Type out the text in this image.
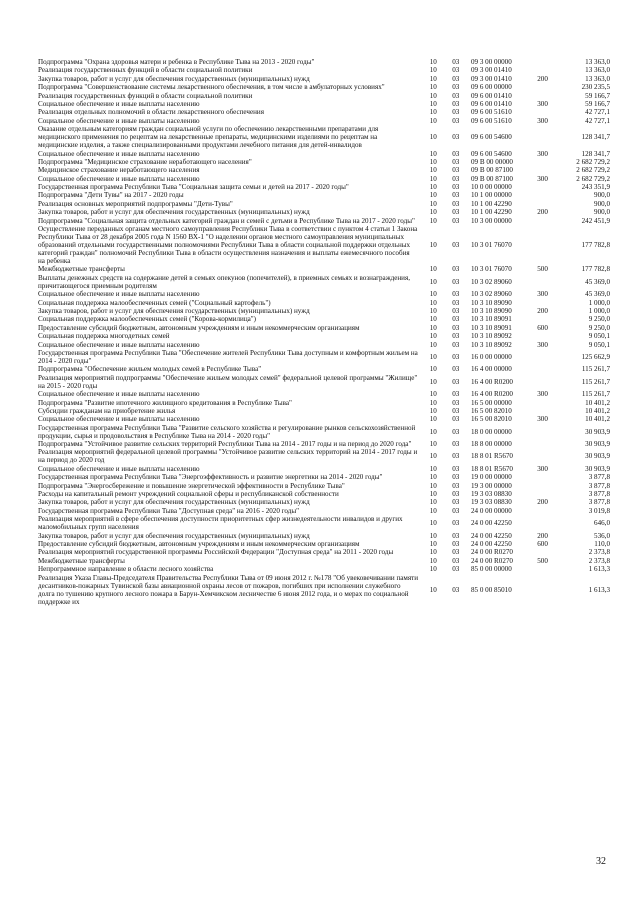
Подпрограмма "Охрана здоровья матери и ребенка в Республике Тыва на 2013 - 2020 годы"	10	03	09 3 00 00000		13 363,0
Реализация государственных функций в области социальной политики	10	03	09 3 00 01410		13 363,0
Закупка товаров, работ и услуг для обеспечения государственных (муниципальных) нужд	10	03	09 3 00 01410	200	13 363,0
Подпрограмма "Совершенствование системы лекарственного обеспечения, в том числе в амбулаторных условиях"	10	03	09 6 00 00000		230 235,5
Реализация государственных функций в области социальной политики	10	03	09 6 00 01410		59 166,7
Социальное обеспечение и иные выплаты населению	10	03	09 6 00 01410	300	59 166,7
Реализация отдельных полномочий в области лекарственного обеспечения	10	03	09 6 00 51610		42 727,1
Социальное обеспечение и иные выплаты населению	10	03	09 6 00 51610	300	42 727,1
Оказание отдельным категориям граждан социальной услуги по обеспечению лекарственными препаратами для медицинского применения по рецептам на лекарственные препараты, медицинскими изделиями по рецептам на медицинские изделия, а также специализированными продуктами лечебного питания для детей-инвалидов	10	03	09 6 00 54600		128 341,7
Социальное обеспечение и иные выплаты населению	10	03	09 6 00 54600	300	128 341,7
Подпрограмма "Медицинское страхование неработающего населения"	10	03	09 В 00 00000		2 682 729,2
Медицинское страхование неработающего населения	10	03	09 В 00 87100		2 682 729,2
Социальное обеспечение и иные выплаты населению	10	03	09 В 00 87100	300	2 682 729,2
Государственная программа Республики Тыва "Социальная защита семьи и детей на 2017 - 2020 годы"	10	03	10 0 00 00000		243 351,9
Подпрограмма "Дети Тувы" на 2017 - 2020 годы	10	03	10 1 00 00000		900,0
Реализация основных мероприятий подпрограммы "Дети-Тувы"	10	03	10 1 00 42290		900,0
Закупка товаров, работ и услуг для обеспечения государственных (муниципальных) нужд	10	03	10 1 00 42290	200	900,0
Подпрограмма "Социальная защита отдельных категорий граждан и семей с детьми в Республике Тыва на 2017 - 2020 годы"	10	03	10 3 00 00000		242 451,9
Осуществление переданных органам местного самоуправления Республики Тыва в соответствии с пунктом 4 статьи 1 Закона Республики Тыва от 28 декабря 2005 года N 1560 ВХ-1 "О наделении органов местного самоуправления муниципальных образований отдельными государственными полномочиями Республики Тыва в области социальной поддержки отдельных категорий граждан" полномочий Республики Тыва в области осуществления назначения и выплаты ежемесячного пособия на ребенка	10	03	10 3 01 76070		177 782,8
Межбюджетные трансферты	10	03	10 3 01 76070	500	177 782,8
Выплаты денежных средств на содержание детей в семьях опекунов (попечителей), в приемных семьях и вознаграждения, причитающегося приемным родителям	10	03	10 3 02 89060		45 369,0
Социальное обеспечение и иные выплаты населению	10	03	10 3 02 89060	300	45 369,0
Социальная поддержка малообеспеченных семей ("Социальный картофель")	10	03	10 3 10 89090		1 000,0
Закупка товаров, работ и услуг для обеспечения государственных (муниципальных) нужд	10	03	10 3 10 89090	200	1 000,0
Социальная поддержка малообеспеченных семей ("Корова-кормилица")	10	03	10 3 10 89091		9 250,0
Предоставление субсидий бюджетным, автономным учреждениям и иным некоммерческим организациям	10	03	10 3 10 89091	600	9 250,0
Социальная поддержка многодетных семей	10	03	10 3 10 89092		9 050,1
Социальное обеспечение и иные выплаты населению	10	03	10 3 10 89092	300	9 050,1
Государственная программа Республики Тыва "Обеспечение жителей Республики Тыва доступным и комфортным жильем на 2014 - 2020 годы"	10	03	16 0 00 00000		125 662,9
Подпрограмма "Обеспечение жильем молодых семей в Республике Тыва"	10	03	16 4 00 00000		115 261,7
Реализация мероприятий подпрограммы "Обеспечение жильем молодых семей" федеральной целевой программы "Жилище" на 2015 - 2020 годы	10	03	16 4 00 R0200		115 261,7
Социальное обеспечение и иные выплаты населению	10	03	16 4 00 R0200	300	115 261,7
Подпрограмма "Развитие ипотечного жилищного кредитования в Республике Тыва"	10	03	16 5 00 00000		10 401,2
Субсидии гражданам на приобретение жилья	10	03	16 5 00 82010		10 401,2
Социальное обеспечение и иные выплаты населению	10	03	16 5 00 82010	300	10 401,2
Государственная программа Республики Тыва "Развитие сельского хозяйства и регулирование рынков сельскохозяйственной продукции, сырья и продовольствия в Республике Тыва на 2014 - 2020 годы"	10	03	18 0 00 00000		30 903,9
Подпрограмма "Устойчивое развитие сельских территорий Республики Тыва на 2014 - 2017 годы и на период до 2020 года"	10	03	18 8 00 00000		30 903,9
Реализация мероприятий федеральной целевой программы "Устойчивое развитие сельских территорий на 2014 - 2017 годы и на период до 2020 год	10	03	18 8 01 R5670		30 903,9
Социальное обеспечение и иные выплаты населению	10	03	18 8 01 R5670	300	30 903,9
Государственная программа Республики Тыва "Энергоэффективность и развитие энергетики на 2014 - 2020 годы"	10	03	19 0 00 00000		3 877,8
Подпрограмма "Энергосбережение и повышение энергетической эффективности в Республике Тыва"	10	03	19 3 00 00000		3 877,8
Расходы на капитальный ремонт учреждений социальной сферы и республиканской собственности	10	03	19 3 03 08830		3 877,8
Закупка товаров, работ и услуг для обеспечения государственных (муниципальных) нужд	10	03	19 3 03 08830	200	3 877,8
Государственная программа Республики Тыва "Доступная среда" на 2016 - 2020 годы"	10	03	24 0 00 00000		3 019,8
Реализация мероприятий в сфере обеспечения доступности приоритетных сфер жизнедеятельности инвалидов и других маломобильных групп населения	10	03	24 0 00 42250		646,0
Закупка товаров, работ и услуг для обеспечения государственных (муниципальных) нужд	10	03	24 0 00 42250	200	536,0
Предоставление субсидий бюджетным, автономным учреждениям и иным некоммерческим организациям	10	03	24 0 00 42250	600	110,0
Реализация мероприятий государственной программы Российской Федерации "Доступная среда" на 2011 - 2020 годы	10	03	24 0 00 R0270		2 373,8
Межбюджетные трансферты	10	03	24 0 00 R0270	500	2 373,8
Непрограммное направление в области лесного хозяйства	10	03	85 0 00 00000		1 613,3
Реализация Указа Главы-Председателя Правительства Республики Тыва от 09 июня 2012 г. №178 "Об увековечивании памяти десантников-пожарных Тувинской базы авиационной охраны лесов от пожаров, погибших при исполнении служебного долга по тушению крупного лесного пожара в Барун-Хемчикском лесничестве 6 июня 2012 года, и о мерах по социальной поддержке их	10	03	85 0 00 85010		1 613,3
32
